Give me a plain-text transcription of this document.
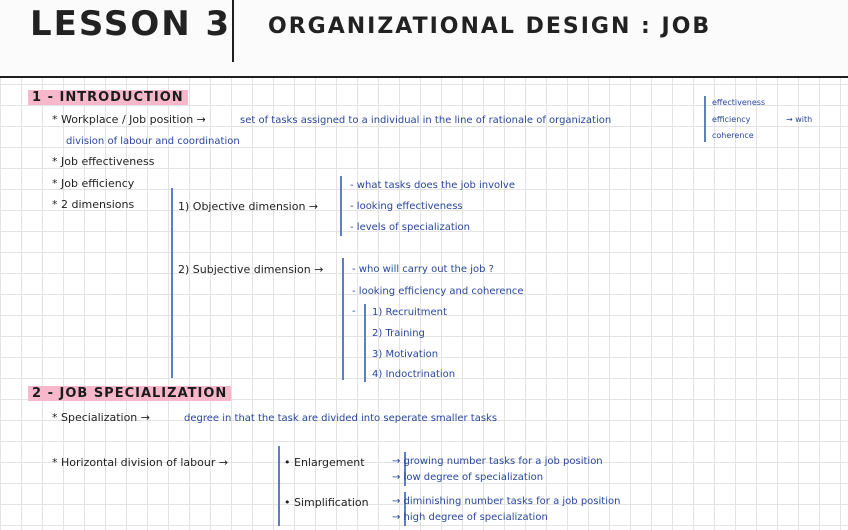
LESSON 3 ORGANIZATIONAL DESIGN : JOB
1 - INTRODUCTION
* Workplace / Job position →	set of tasks assigned to a individual in the line of rationale of organization
division of labour and coordination
effectiveness
efficiency
coherence
→ with
* Job effectiveness
* Job efficiency
* 2 dimensions	1) Objective dimension →
- what tasks does the job involve
- looking effectiveness
- levels of specialization
2) Subjective dimension →	- who will carry out the job ?
- looking efficiency and coherence
- 1) Recruitment
2) Training
3) Motivation
4) Indoctrination
2 - JOB SPECIALIZATION
* Specialization →	degree in that the task are divided into seperate smaller tasks
* Horizontal division of labour →	• Enlargement	→ growing number tasks for a job position
→ low degree of specialization
• Simplification → diminishing number tasks for a job position
→ high degree of specialization
